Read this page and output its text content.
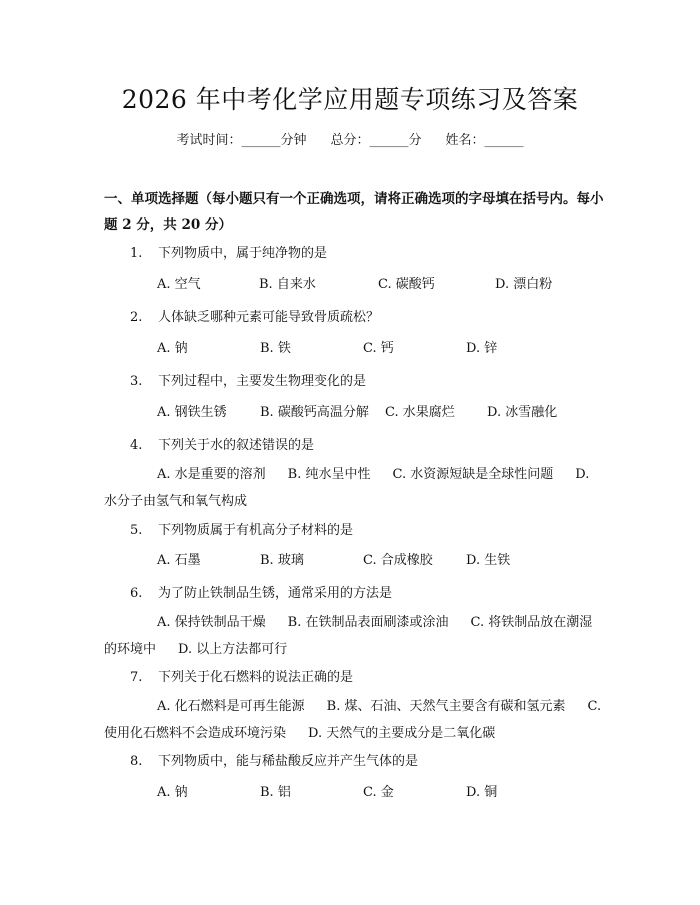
2026 年中考化学应用题专项练习及答案
考试时间：______分钟 总分：______分 姓名：______
一、单项选择题（每小题只有一个正确选项，请将正确选项的字母填在括号内。每小题 2 分，共 20 分）
1. 下列物质中，属于纯净物的是
A. 空气	B. 自来水	C. 碳酸钙	D. 漂白粉
2. 人体缺乏哪种元素可能导致骨质疏松？
A. 钠	B. 铁	C. 钙	D. 锌
3. 下列过程中，主要发生物理变化的是
A. 钢铁生锈	B. 碳酸钙高温分解 C. 水果腐烂 D. 冰雪融化
4. 下列关于水的叙述错误的是
A. 水是重要的溶剂 B. 纯水呈中性 C. 水资源短缺是全球性问题 D. 水分子由氢气和氧气构成
5. 下列物质属于有机高分子材料的是
A. 石墨	B. 玻璃	C. 合成橡胶	D. 生铁
6. 为了防止铁制品生锈，通常采用的方法是
A. 保持铁制品干燥 B. 在铁制品表面刷漆或涂油 C. 将铁制品放在潮湿的环境中 D. 以上方法都可行
7. 下列关于化石燃料的说法正确的是
A. 化石燃料是可再生能源 B. 煤、石油、天然气主要含有碳和氢元素 C. 使用化石燃料不会造成环境污染 D. 天然气的主要成分是二氧化碳
8. 下列物质中，能与稀盐酸反应并产生气体的是
A. 钠	B. 铝	C. 金	D. 铜
